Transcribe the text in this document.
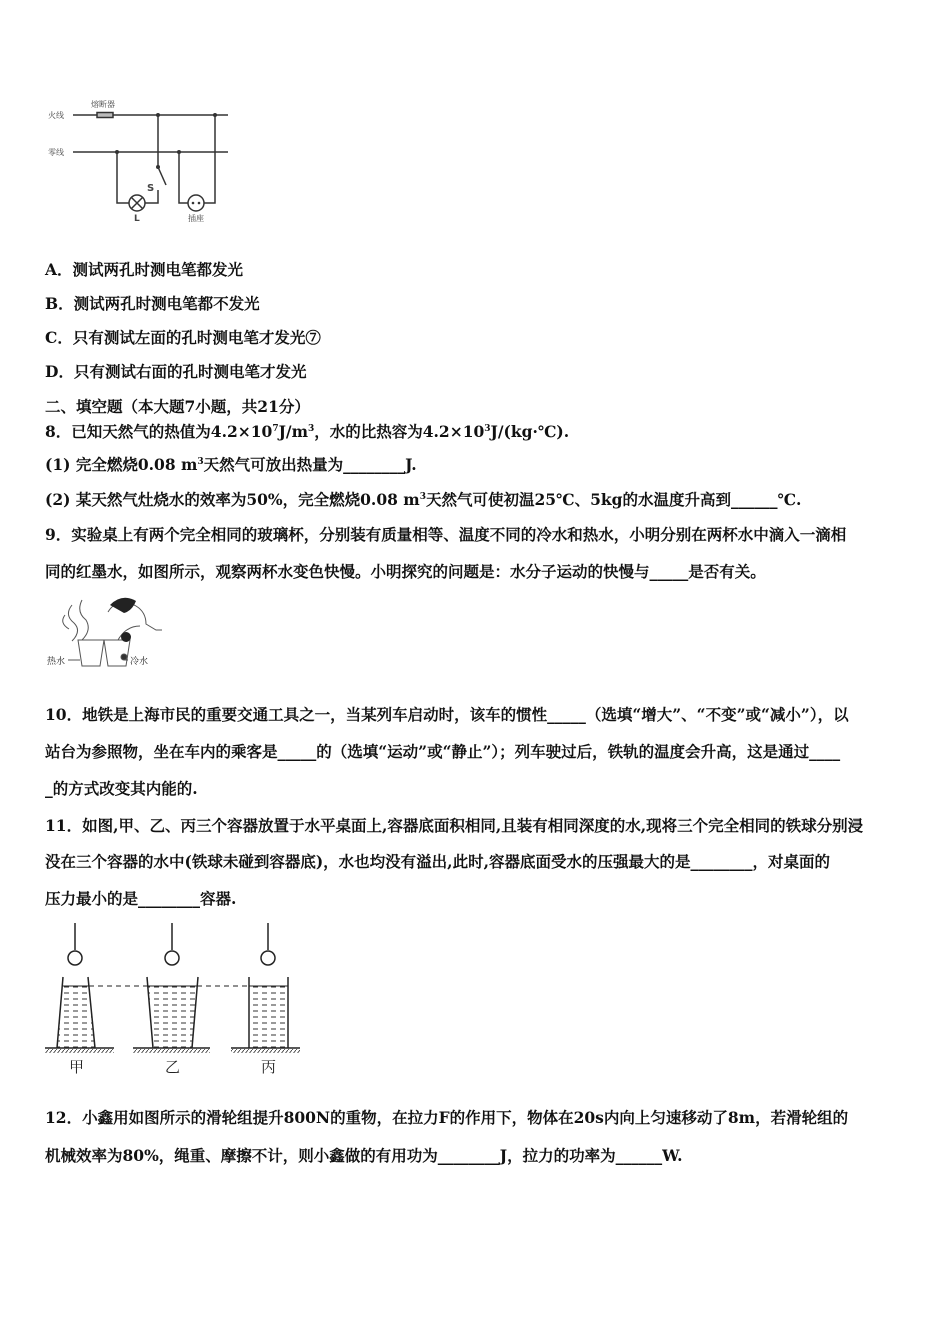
火线
零线
熔断器
S
L	插座
A．测试两孔时测电笔都发光
B．测试两孔时测电笔都不发光
C．只有测试左面的孔时测电笔才发光⑦
D．只有测试右面的孔时测电笔才发光
二、填空题（本大题7小题，共21分）
8．已知天然气的热值为$4.2\times 10^7J/m^3$，水的比热容为$4.2\times 10^3J/(kg\cdot℃)$.
(1) 完全燃烧0.08 $m^3$天然气可放出热量为________J.
(2) 某天然气灶烧水的效率为50%，完全燃烧0.08 $m^3$天然气可使初温25℃、5kg的水温度升高到______℃.
9．实验桌上有两个完全相同的玻璃杯，分别装有质量相等、温度不同的冷水和热水，小明分别在两杯水中滴入一滴相
同的红墨水，如图所示，观察两杯水变色快慢。小明探究的问题是：水分子运动的快慢与_____是否有关。
热水	冷水
10．地铁是上海市民的重要交通工具之一，当某列车启动时，该车的惯性_____（选填“增大”、“不变”或“减小”），以
站台为参照物，坐在车内的乘客是_____的（选填“运动”或“静止”）；列车驶过后，铁轨的温度会升高，这是通过____
_的方式改变其内能的.
11．如图,甲、乙、丙三个容器放置于水平桌面上,容器底面积相同,且装有相同深度的水,现将三个完全相同的铁球分别浸
没在三个容器的水中(铁球未碰到容器底)，水也均没有溢出,此时,容器底面受水的压强最大的是________，对桌面的
压力最小的是________容器.
甲	乙	丙
12．小鑫用如图所示的滑轮组提升800N的重物，在拉力F的作用下，物体在20s内向上匀速移动了8m，若滑轮组的
机械效率为80%，绳重、摩擦不计，则小鑫做的有用功为________J，拉力的功率为______W.
